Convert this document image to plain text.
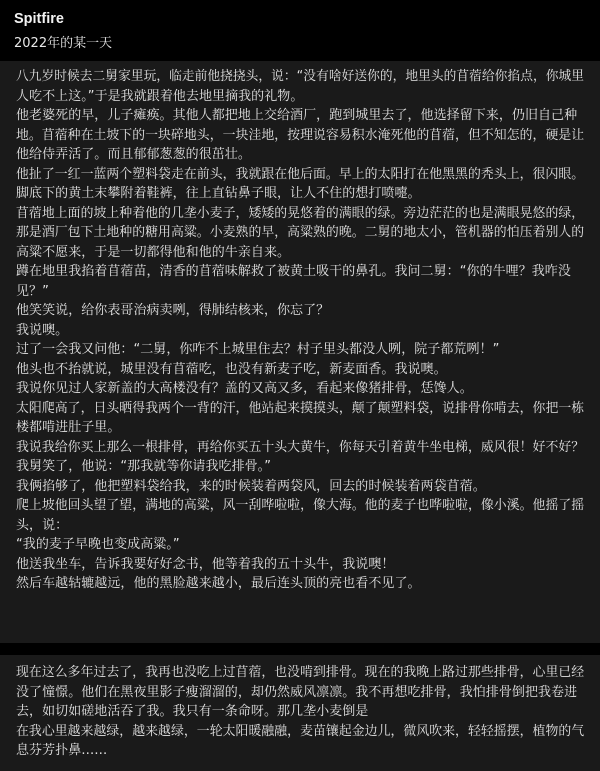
Spitfire
2022年的某一天
八九岁时候去二舅家里玩，临走前他挠挠头，说：“没有啥好送你的，地里头的苜蓿给你掐点，你城里
人吃不上这。”于是我就跟着他去地里摘我的礼物。
他老婆死的早，儿子瘫痪。其他人都把地上交给酒厂，跑到城里去了，他选择留下来，仍旧自己种
地。苜蓿种在土坡下的一块碎地头，一块洼地，按理说容易积水淹死他的苜蓿，但不知怎的，硬是让
他给侍弄活了。而且郁郁葱葱的很茁壮。
他扯了一红一蓝两个塑料袋走在前头，我就跟在他后面。早上的太阳打在他黑黑的秃头上，很闪眼。
脚底下的黄土末攀附着鞋裤，往上直钻鼻子眼，让人不住的想打喷嚏。
苜蓿地上面的坡上种着他的几垄小麦子，矮矮的晃悠着的满眼的绿。旁边茫茫的也是满眼晃悠的绿，
那是酒厂包下土地种的糖用高粱。小麦熟的早，高粱熟的晚。二舅的地太小，管机器的怕压着别人的
高粱不愿来，于是一切都得他和他的牛亲自来。
蹲在地里我掐着苜蓿苗，清香的苜蓿味解救了被黄土吸干的鼻孔。我问二舅：“你的牛哩？我咋没
见？”
他笑笑说，给你表哥治病卖咧，得肺结核来，你忘了？
我说噢。
过了一会我又问他：“二舅，你咋不上城里住去？村子里头都没人咧，院子都荒咧！”
他头也不抬就说，城里没有苜蓿吃，也没有新麦子吃，新麦面香。我说噢。
我说你见过人家新盖的大高楼没有？盖的又高又多，看起来像猪排骨，恁馋人。
太阳爬高了，日头晒得我两个一背的汗，他站起来摸摸头，颠了颠塑料袋，说排骨你啃去，你把一栋
楼都啃进肚子里。
我说我给你买上那么一根排骨，再给你买五十头大黄牛，你每天引着黄牛坐电梯，威风很！好不好？
我舅笑了，他说：“那我就等你请我吃排骨。”
我俩掐够了，他把塑料袋给我，来的时候装着两袋风，回去的时候装着两袋苜蓿。
爬上坡他回头望了望，满地的高粱，风一刮哗啦啦，像大海。他的麦子也哗啦啦，像小溪。他摇了摇
头，说：
“我的麦子早晚也变成高粱。”
他送我坐车，告诉我要好好念书，他等着我的五十头牛，我说噢！
然后车越轱辘越远，他的黑脸越来越小，最后连头顶的亮也看不见了。
现在这么多年过去了，我再也没吃上过苜蓿，也没啃到排骨。现在的我晚上路过那些排骨，心里已经
没了憧憬。他们在黑夜里影子瘦溜溜的，却仍然威风凛凛。我不再想吃排骨，我怕排骨倒把我卷进
去，如切如磋地活吞了我。我只有一条命呀。那几垄小麦倒是
在我心里越来越绿，越来越绿，一轮太阳暖融融，麦苗镶起金边儿，微风吹来，轻轻摇摆，植物的气
息芬芳扑鼻……
